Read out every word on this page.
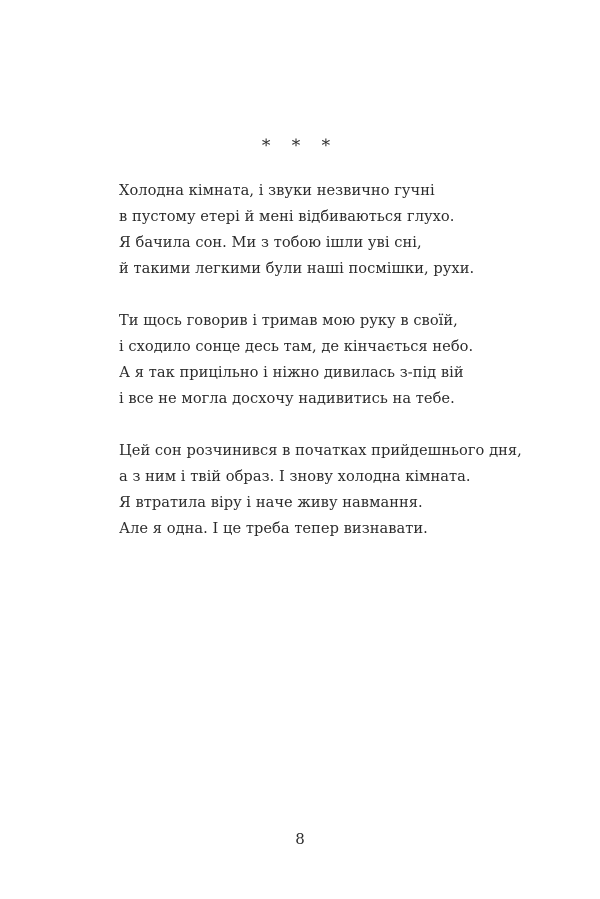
* * *
Холодна кімната, і звуки незвично гучні
в пустому етері й мені відбиваються глухо.
Я бачила сон. Ми з тобою ішли уві сні,
й такими легкими були наші посмішки, рухи.
Ти щось говорив і тримав мою руку в своїй,
і сходило сонце десь там, де кінчається небо.
А я так прицільно і ніжно дивилась з-під вій
і все не могла досхочу надивитись на тебе.
Цей сон розчинився в початках прийдешнього дня,
а з ним і твій образ. І знову холодна кімната.
Я втратила віру і наче живу навмання.
Але я одна. І це треба тепер визнавати.
8
